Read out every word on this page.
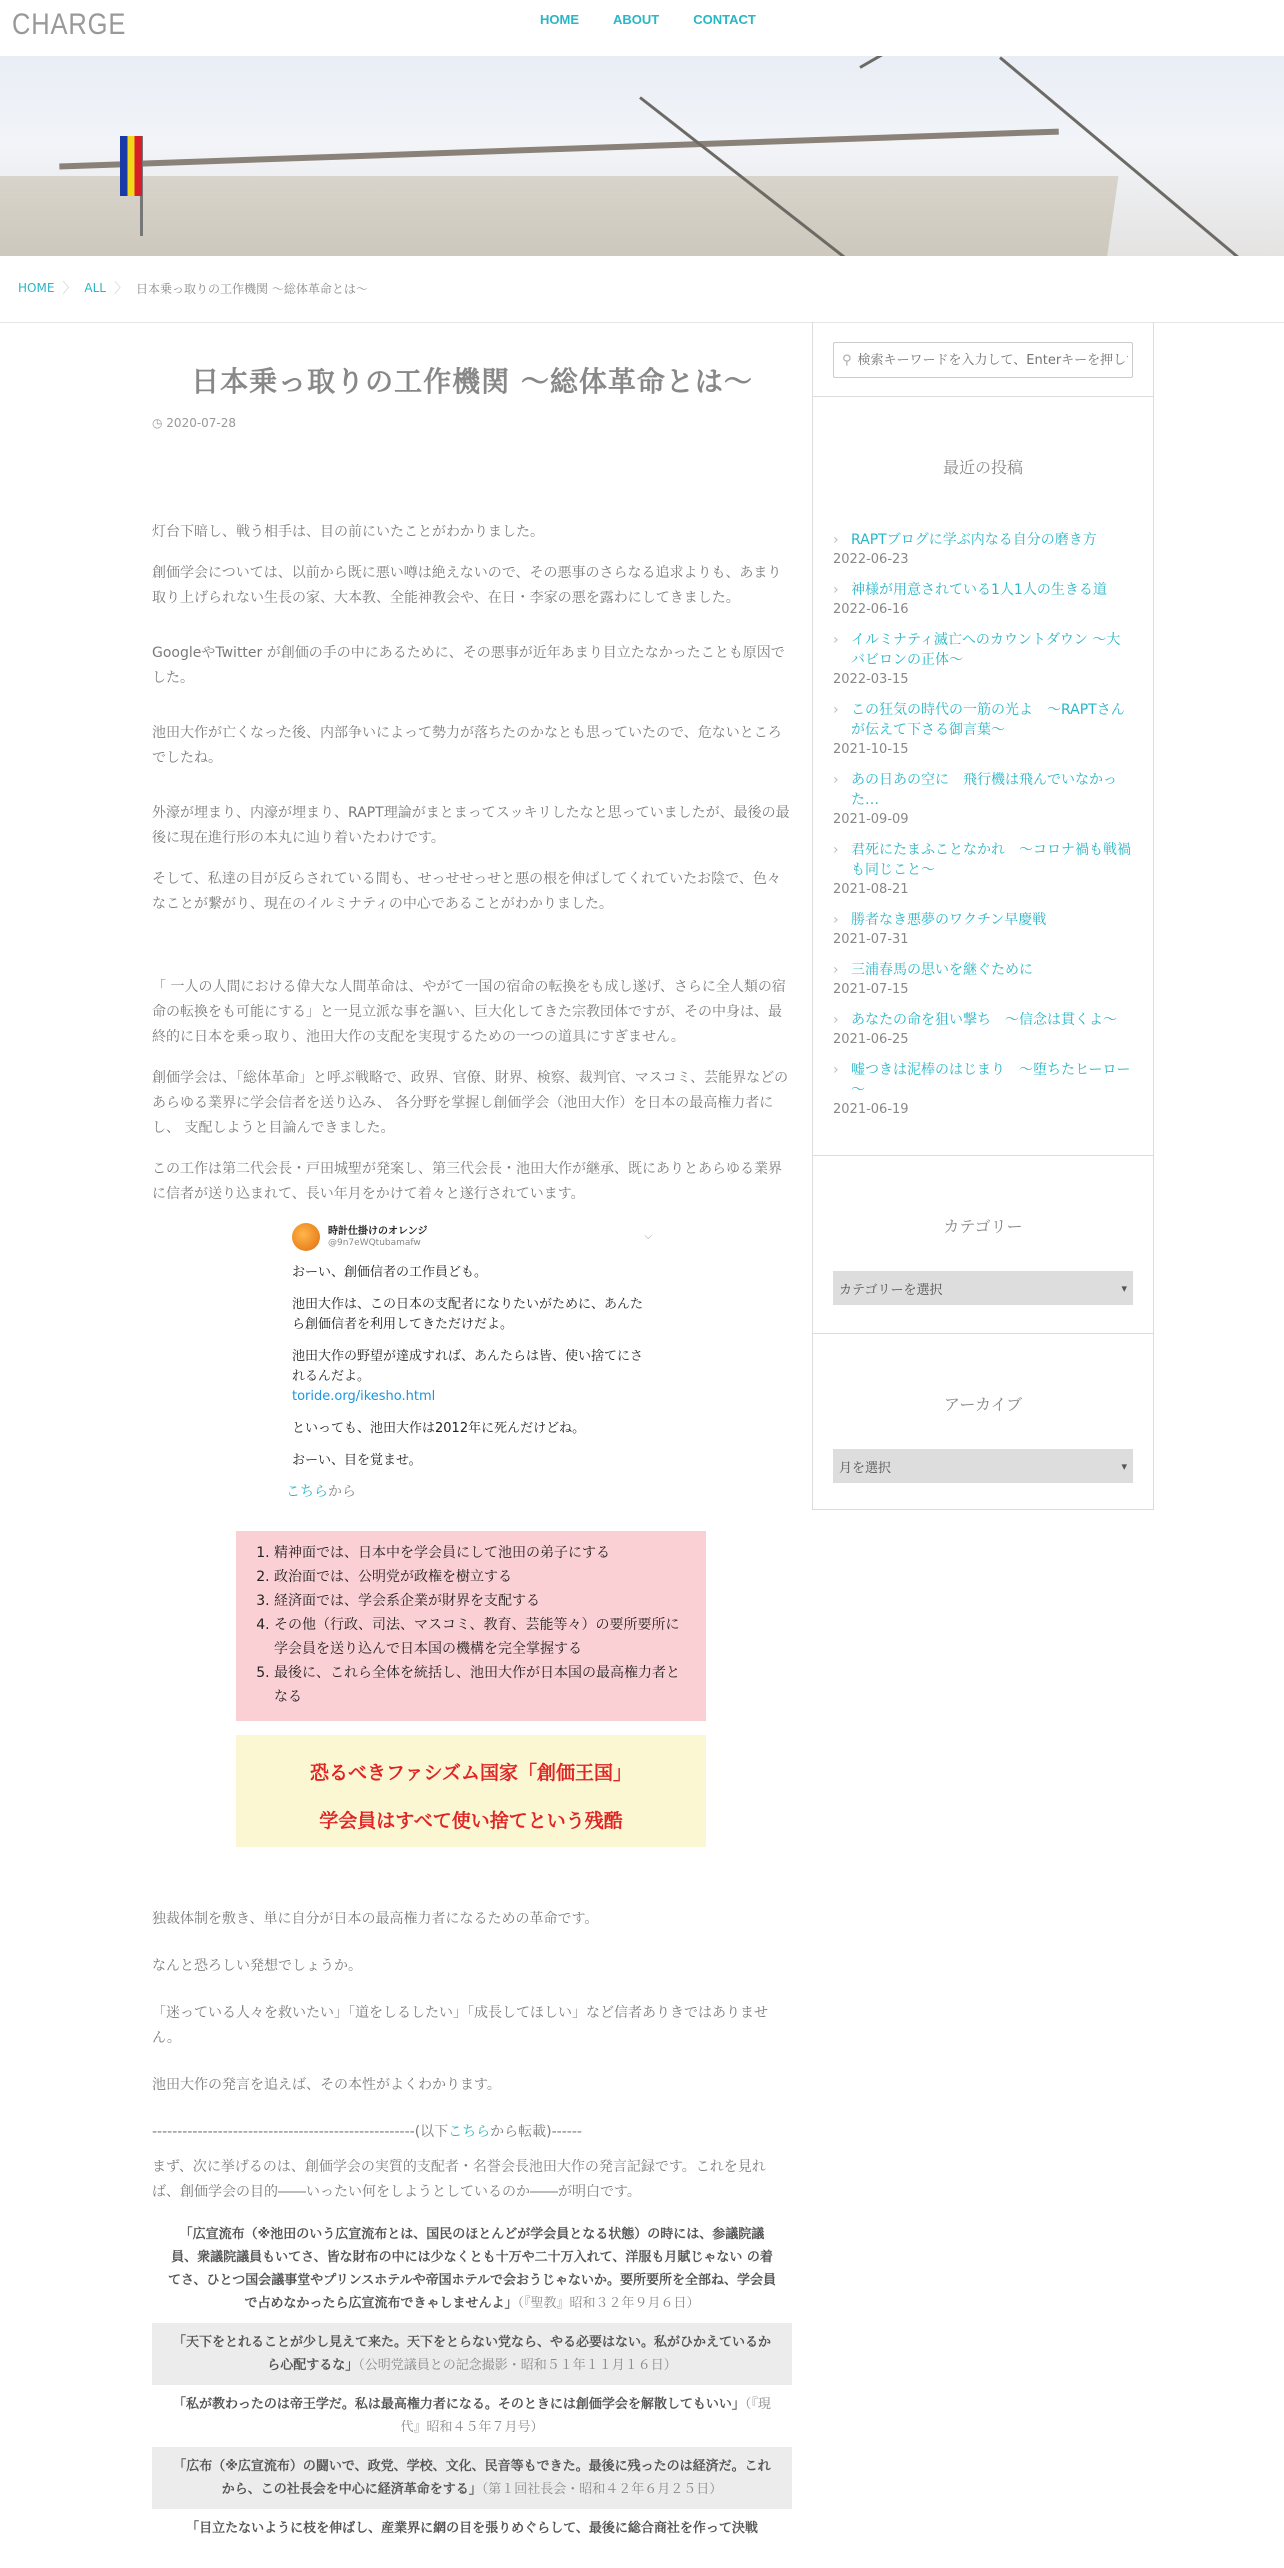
CHARGE	HOME	ABOUT	CONTACT
HOME 〉 ALL 〉 日本乗っ取りの工作機関 ～総体革命とは～
日本乗っ取りの工作機関 ～総体革命とは～
◷ 2020-07-28

灯台下暗し、戦う相手は、目の前にいたことがわかりました。

創価学会については、以前から既に悪い噂は絶えないので、その悪事のさらなる追求よりも、あまり取り上げられない生長の家、大本教、全能神教会や、在日・李家の悪を露わにしてきました。

GoogleやTwitter が創価の手の中にあるために、その悪事が近年あまり目立たなかったことも原因でした。

池田大作が亡くなった後、内部争いによって勢力が落ちたのかなとも思っていたので、危ないところでしたね。

外濠が埋まり、内濠が埋まり、RAPT理論がまとまってスッキリしたなと思っていましたが、最後の最後に現在進行形の本丸に辿り着いたわけです。

そして、私達の目が反らされている間も、せっせせっせと悪の根を伸ばしてくれていたお陰で、色々なことが繋がり、現在のイルミナティの中心であることがわかりました。

「 一人の人間における偉大な人間革命は、やがて一国の宿命の転換をも成し遂げ、さらに全人類の宿命の転換をも可能にする」と一見立派な事を謳い、巨大化してきた宗教団体ですが、その中身は、最終的に日本を乗っ取り、池田大作の支配を実現するための一つの道具にすぎません。

創価学会は、「総体革命」と呼ぶ戦略で、政界、官僚、財界、検察、裁判官、マスコミ、芸能界などのあらゆる業界に学会信者を送り込み、 各分野を掌握し創価学会（池田大作）を日本の最高権力者にし、 支配しようと目論んできました。

この工作は第二代会長・戸田城聖が発案し、第三代会長・池田大作が継承、既にありとあらゆる業界に信者が送り込まれて、長い年月をかけて着々と遂行されています。

時計仕掛けのオレンジ
@9n7eWQtubamafw
⌵

おーい、創価信者の工作員ども。

池田大作は、この日本の支配者になりたいがために、あんたら創価信者を利用してきただけだよ。

池田大作の野望が達成すれば、あんたらは皆、使い捨てにされるんだよ。
toride.org/ikesho.html

といっても、池田大作は2012年に死んだけどね。

おーい、目を覚ませ。

こちらから
1. 精神面では、日本中を学会員にして池田の弟子にする
2. 政治面では、公明党が政権を樹立する
3. 経済面では、学会系企業が財界を支配する
4. その他（行政、司法、マスコミ、教育、芸能等々）の要所要所に学会員を送り込んで日本国の機構を完全掌握する
5. 最後に、これら全体を統括し、池田大作が日本国の最高権力者となる
恐るべきファシズム国家「創価王国」
学会員はすべて使い捨てという残酷

独裁体制を敷き、単に自分が日本の最高権力者になるための革命です。

なんと恐ろしい発想でしょうか。

「迷っている人々を救いたい」「道をしるしたい」「成長してほしい」など信者ありきではありません。

池田大作の発言を追えば、その本性がよくわかります。

----------------------------------------------------(以下こちらから転載)------

まず、次に挙げるのは、創価学会の実質的支配者・名誉会長池田大作の発言記録です。これを見れば、創価学会の目的――いったい何をしようとしているのか――が明白です。

「広宣流布（※池田のいう広宣流布とは、国民のほとんどが学会員となる状態）の時には、参議院議員、衆議院議員もいてさ、皆な財布の中には少なくとも十万や二十万入れて、洋服も月賦じゃない の着てさ、ひとつ国会議事堂やプリンスホテルや帝国ホテルで会おうじゃないか。要所要所を全部ね、学会員で占めなかったら広宣流布できゃしませんよ」（『聖教』昭和３２年９月６日）
「天下をとれることが少し見えて来た。天下をとらない党なら、やる必要はない。私がひかえているから心配するな」（公明党議員との記念撮影・昭和５１年１１月１６日）
「私が教わったのは帝王学だ。私は最高権力者になる。そのときには創価学会を解散してもいい」（『現代』昭和４５年７月号）
「広布（※広宣流布）の闘いで、政党、学校、文化、民音等もできた。最後に残ったのは経済だ。これから、この社長会を中心に経済革命をする」（第１回社長会・昭和４２年６月２５日）
「目立たないように枝を伸ばし、産業界に網の目を張りめぐらして、最後に総合商社を作って決戦
⚲
検索キーワードを入力して、Enterキーを押してください
最近の投稿
› RAPTブログに学ぶ内なる自分の磨き方
2022-06-23
› 神様が用意されている1人1人の生きる道
2022-06-16
› イルミナティ滅亡へのカウントダウン ～大バビロンの正体～
2022-03-15
› この狂気の時代の一筋の光よ　～RAPTさんが伝えて下さる御言葉～
2021-10-15
› あの日あの空に　飛行機は飛んでいなかった…
2021-09-09
› 君死にたまふことなかれ　～コロナ禍も戦禍も同じこと～
2021-08-21
› 勝者なき悪夢のワクチン早慶戦
2021-07-31
› 三浦春馬の思いを継ぐために
2021-07-15
› あなたの命を狙い撃ち　～信念は貫くよ～
2021-06-25
› 嘘つきは泥棒のはじまり　～堕ちたヒーロー～
2021-06-19
カテゴリー
カテゴリーを選択	▾
アーカイブ
月を選択	▾
